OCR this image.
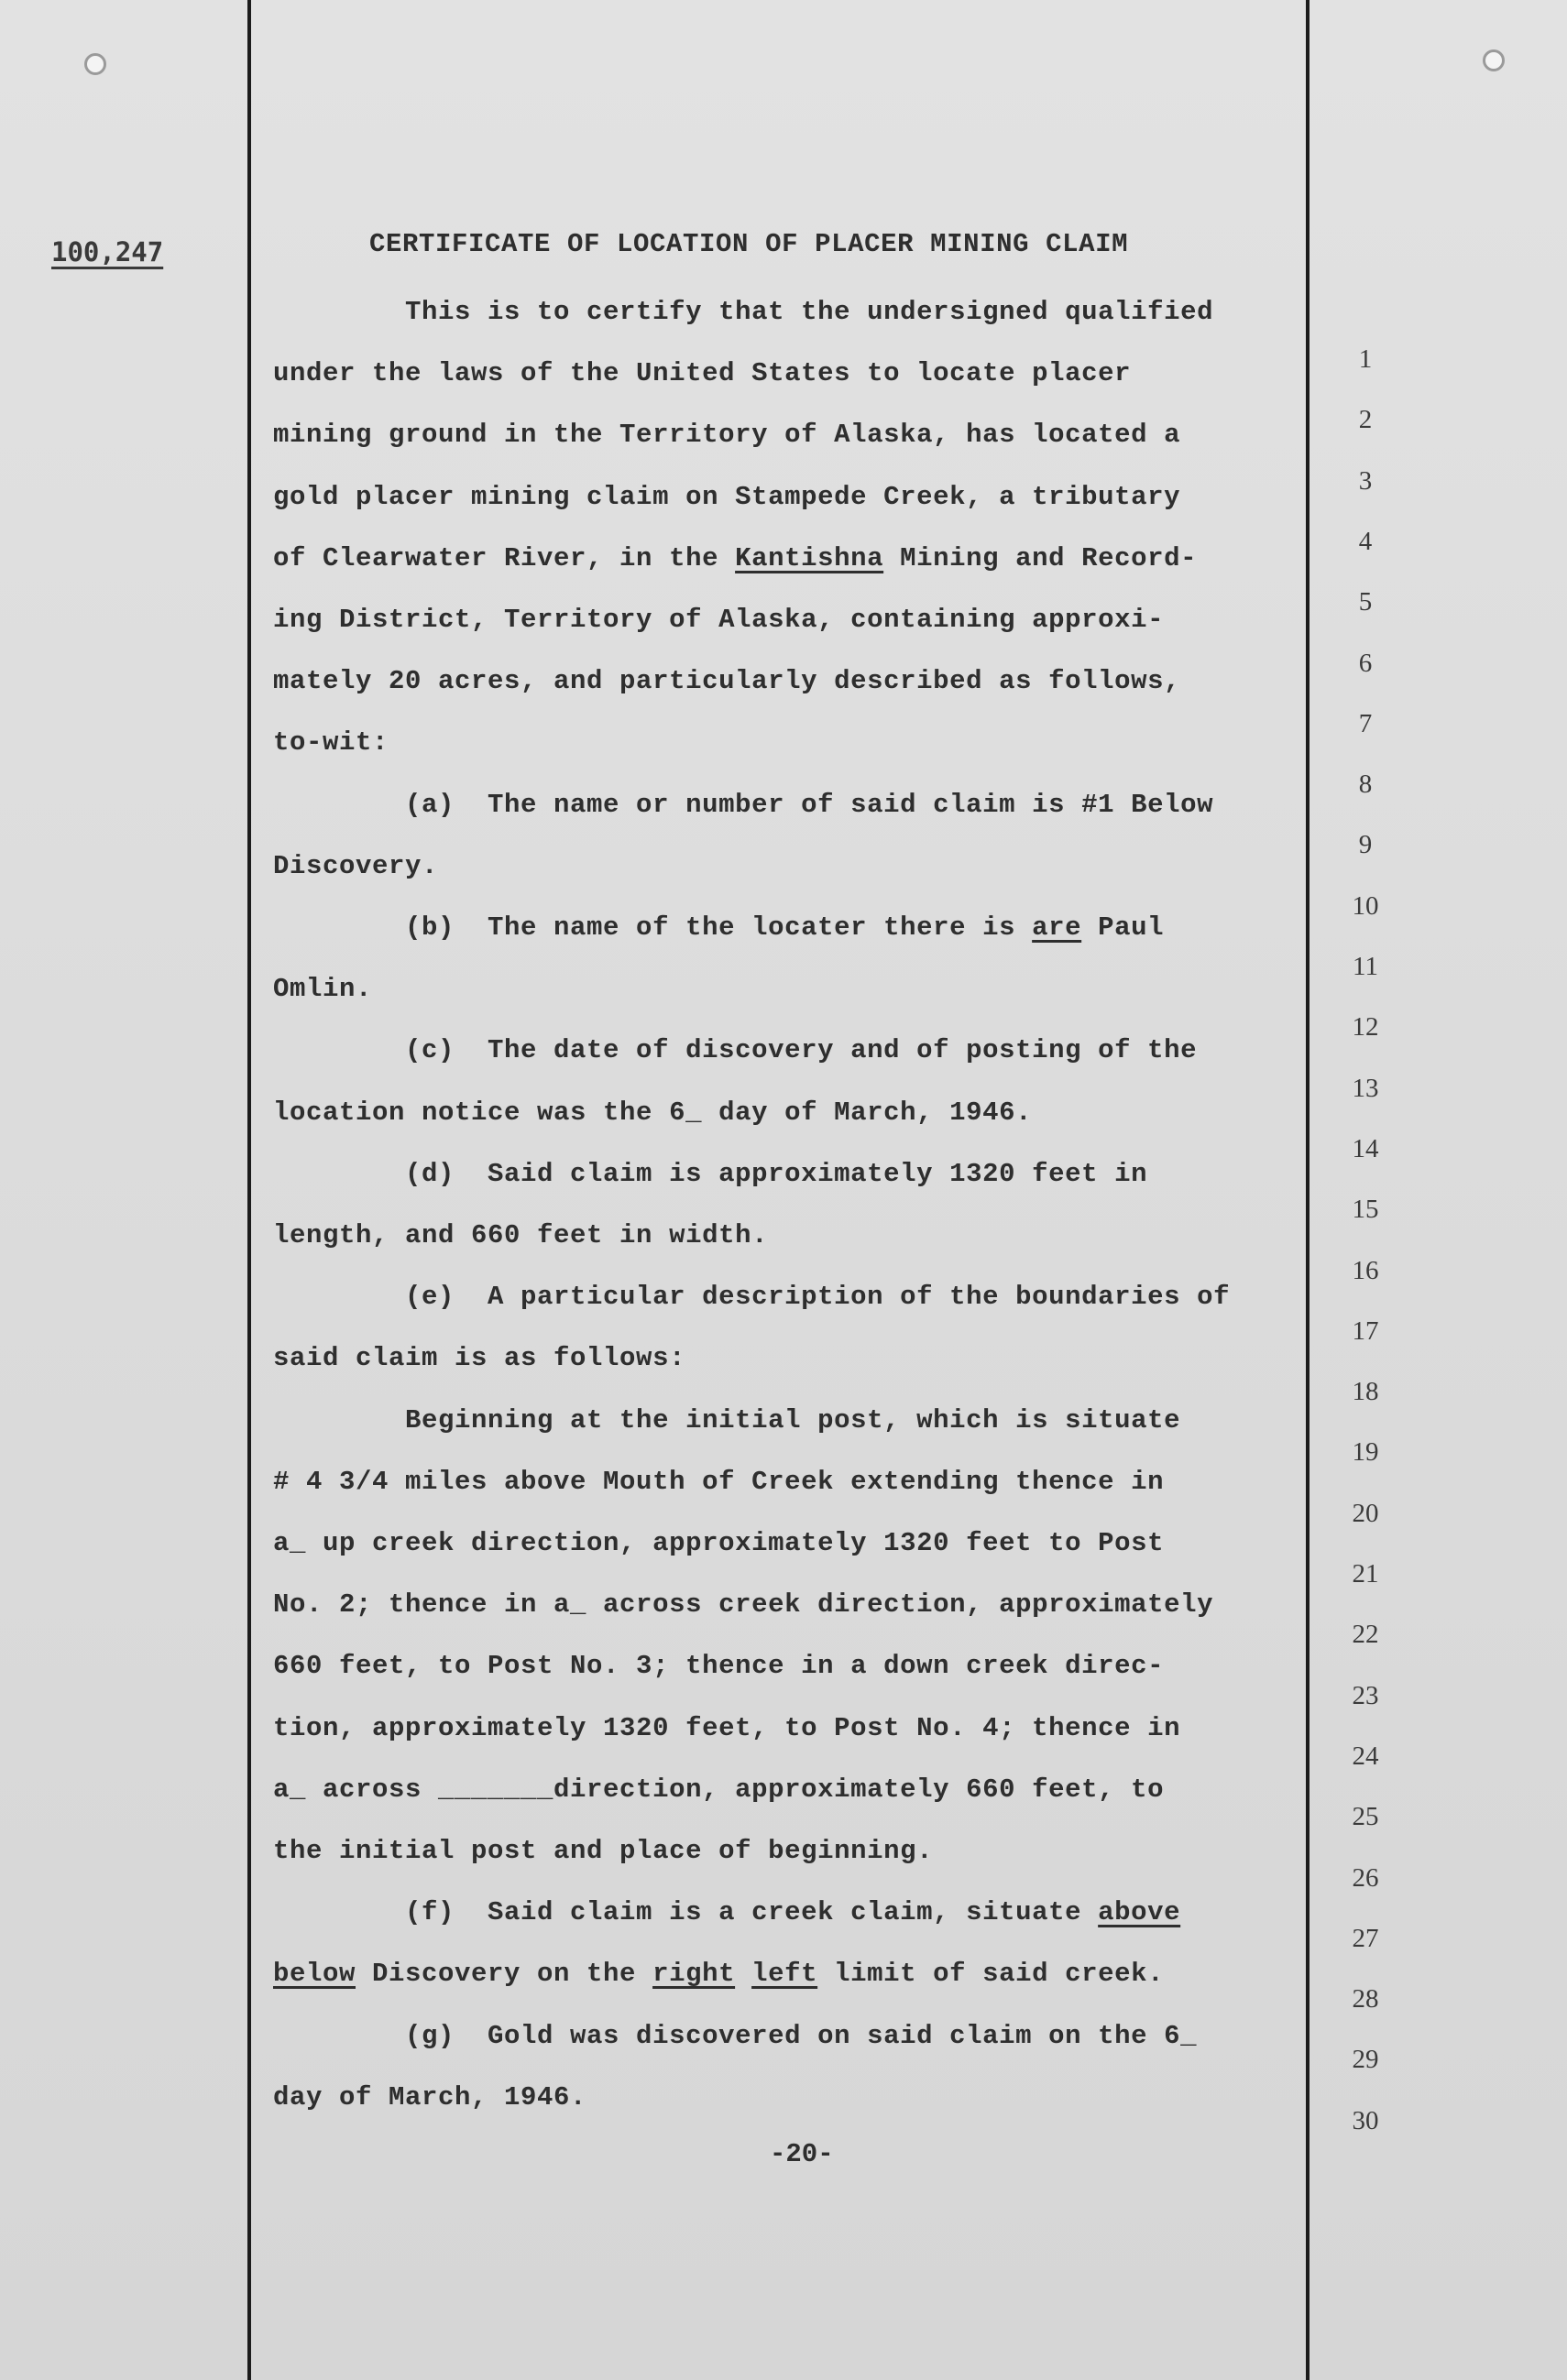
100,247	CERTIFICATE OF LOCATION OF PLACER MINING CLAIM
This is to certify that the undersigned qualified
under the laws of the United States to locate placer
mining ground in the Territory of Alaska, has located a
gold placer mining claim on Stampede Creek, a tributary
of Clearwater River, in the Kantishna Mining and Record-
ing District, Territory of Alaska, containing approxi-
mately 20 acres, and particularly described as follows,
to-wit:
(a)  The name or number of said claim is #1 Below
Discovery.
(b)  The name of the locater there is are Paul
Omlin.
(c)  The date of discovery and of posting of the
location notice was the 6_ day of March, 1946.
(d)  Said claim is approximately 1320 feet in
length, and 660 feet in width.
(e)  A particular description of the boundaries of
said claim is as follows:
Beginning at the initial post, which is situate
# 4 3/4 miles above Mouth of Creek extending thence in
a_ up creek direction, approximately 1320 feet to Post
No. 2; thence in a_ across creek direction, approximately
660 feet, to Post No. 3; thence in a down creek direc-
tion, approximately 1320 feet, to Post No. 4; thence in
a_ across _______direction, approximately 660 feet, to
the initial post and place of beginning.
(f)  Said claim is a creek claim, situate above
below Discovery on the right left limit of said creek.
(g)  Gold was discovered on said claim on the 6_
day of March, 1946.
-20-
1
2
3
4
5
6
7
8
9
10
11
12
13
14
15
16
17
18
19
20
21
22
23
24
25
26
27
28
29
30
